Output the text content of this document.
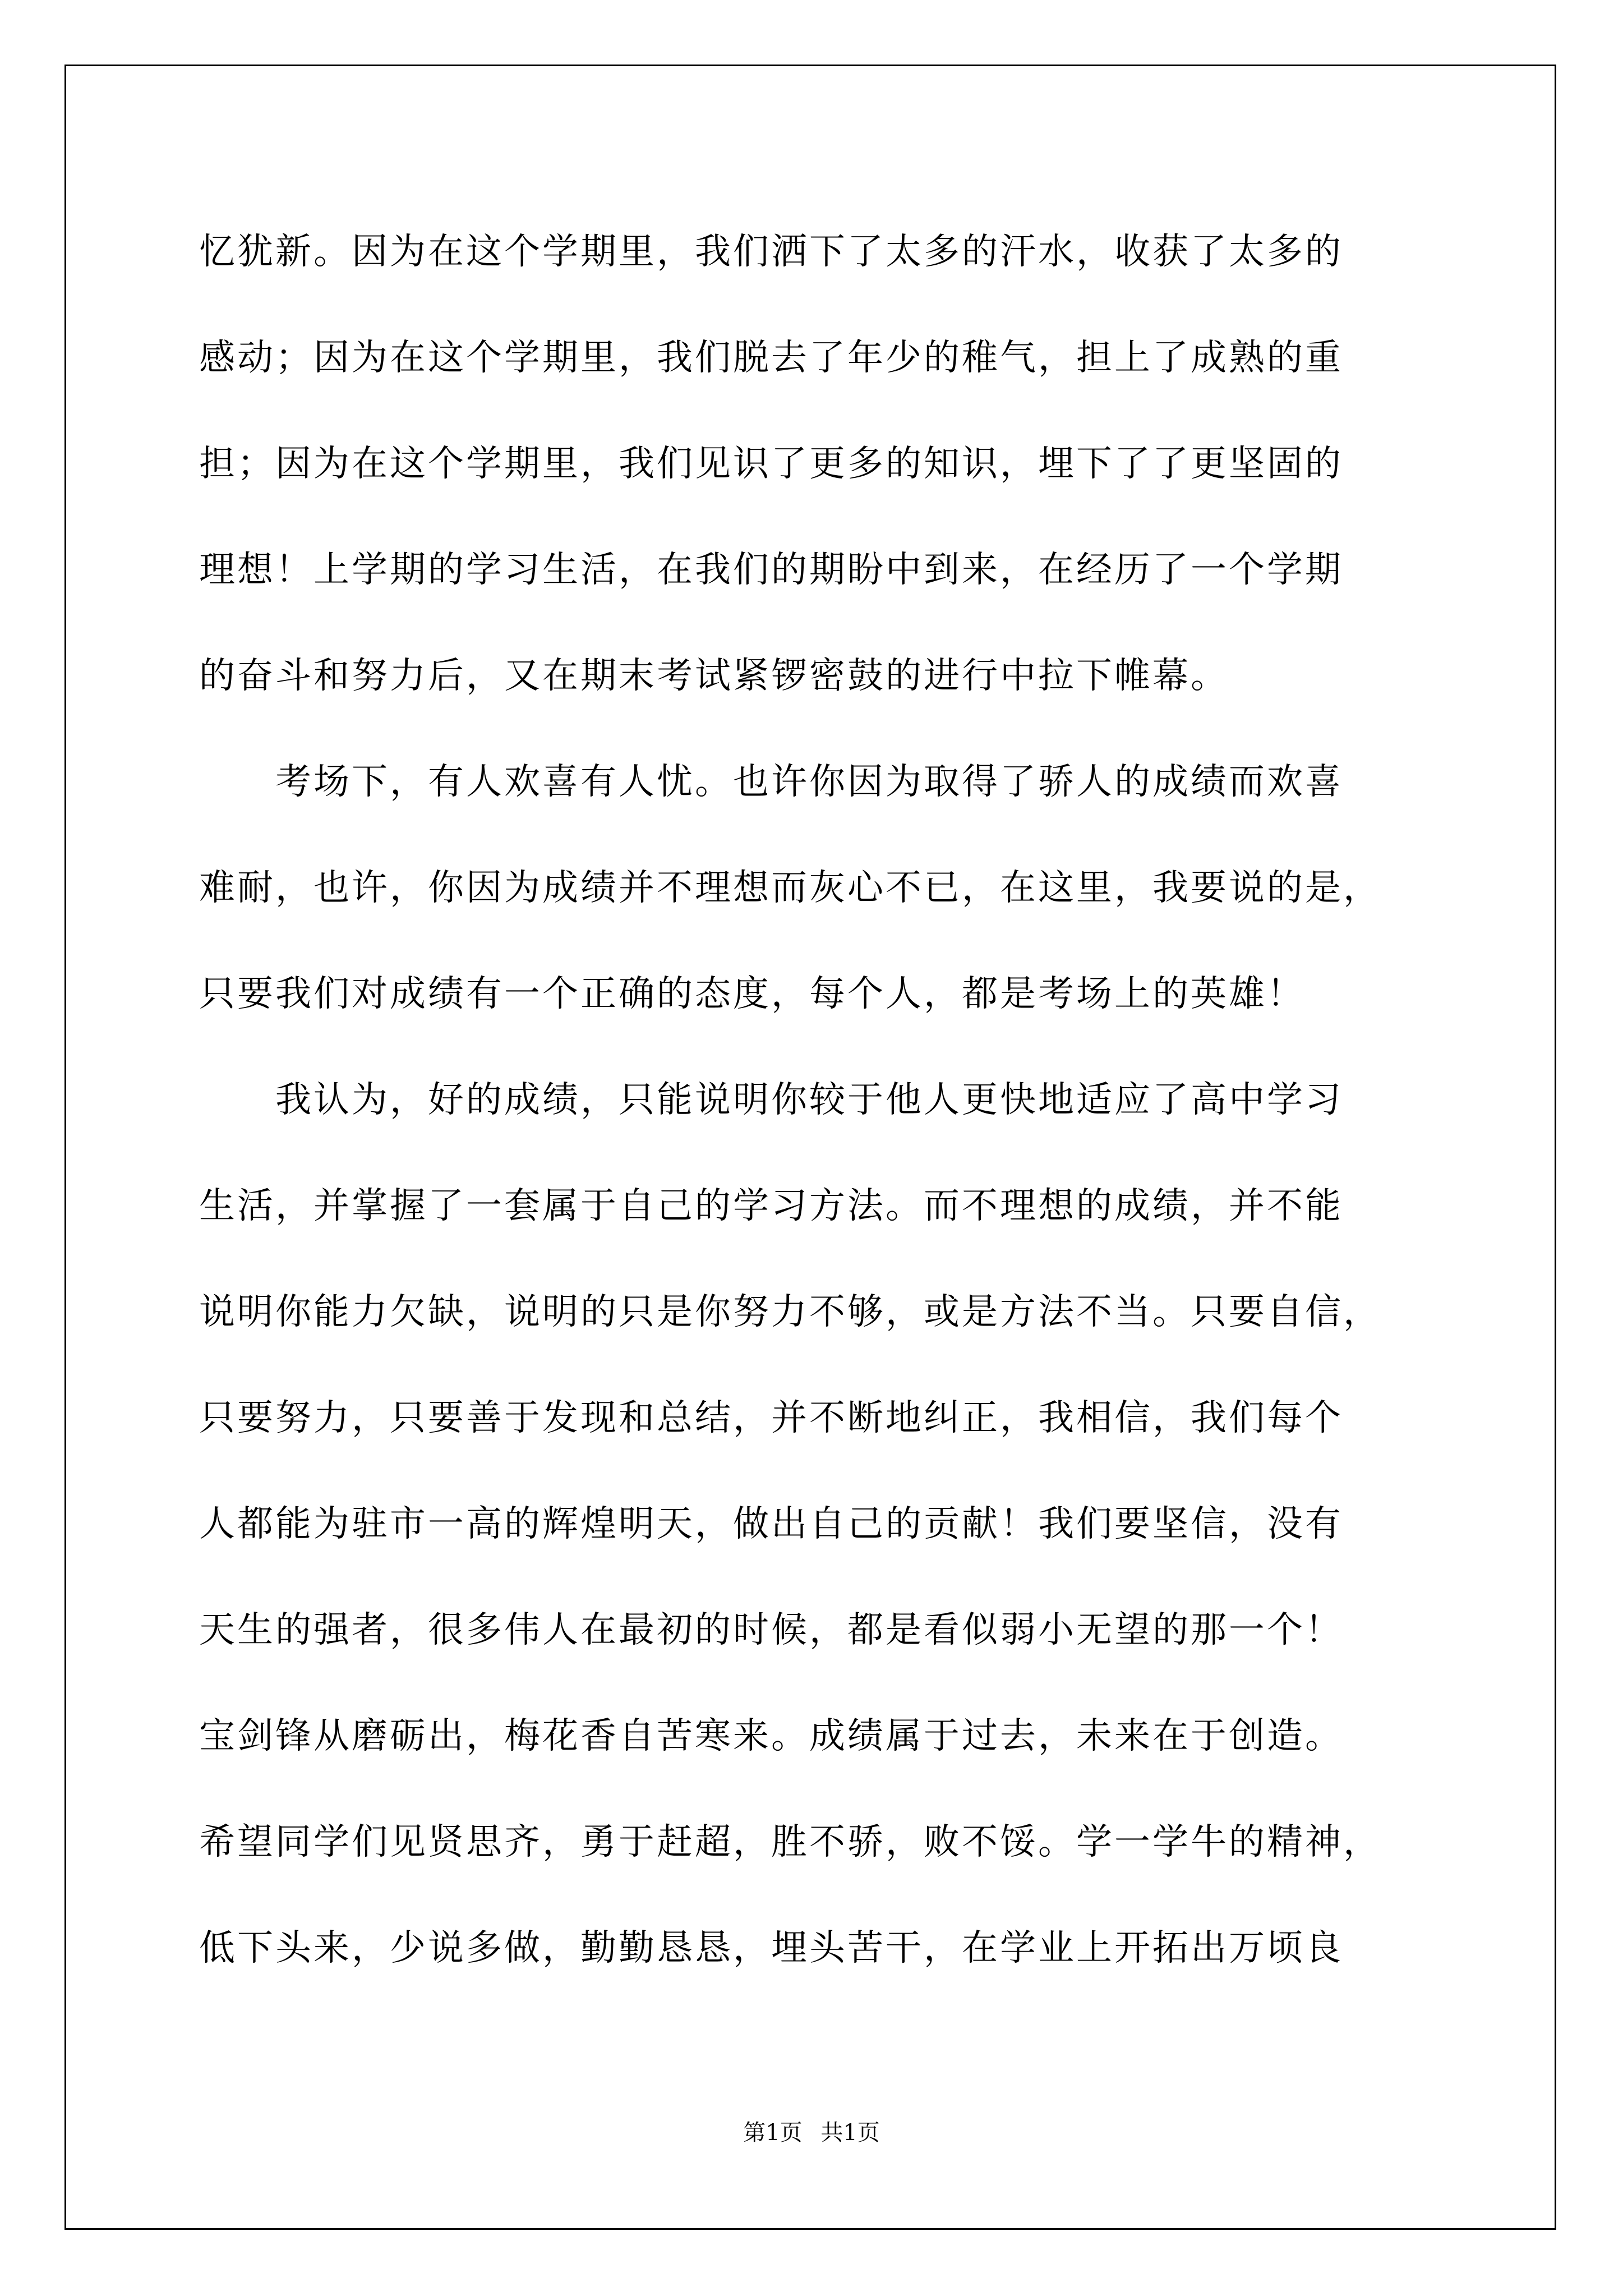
忆犹新。因为在这个学期里，我们洒下了太多的汗水，收获了太多的
感动；因为在这个学期里，我们脱去了年少的稚气，担上了成熟的重
担；因为在这个学期里，我们见识了更多的知识，埋下了了更坚固的
理想！上学期的学习生活，在我们的期盼中到来，在经历了一个学期
的奋斗和努力后，又在期末考试紧锣密鼓的进行中拉下帷幕。
　　考场下，有人欢喜有人忧。也许你因为取得了骄人的成绩而欢喜
难耐，也许，你因为成绩并不理想而灰心不已，在这里，我要说的是，
只要我们对成绩有一个正确的态度，每个人，都是考场上的英雄！
　　我认为，好的成绩，只能说明你较于他人更快地适应了高中学习
生活，并掌握了一套属于自己的学习方法。而不理想的成绩，并不能
说明你能力欠缺，说明的只是你努力不够，或是方法不当。只要自信，
只要努力，只要善于发现和总结，并不断地纠正，我相信，我们每个
人都能为驻市一高的辉煌明天，做出自己的贡献！我们要坚信，没有
天生的强者，很多伟人在最初的时候，都是看似弱小无望的那一个！
宝剑锋从磨砺出，梅花香自苦寒来。成绩属于过去，未来在于创造。
希望同学们见贤思齐，勇于赶超，胜不骄，败不馁。学一学牛的精神，
低下头来，少说多做，勤勤恳恳，埋头苦干，在学业上开拓出万顷良
第1页 共1页
